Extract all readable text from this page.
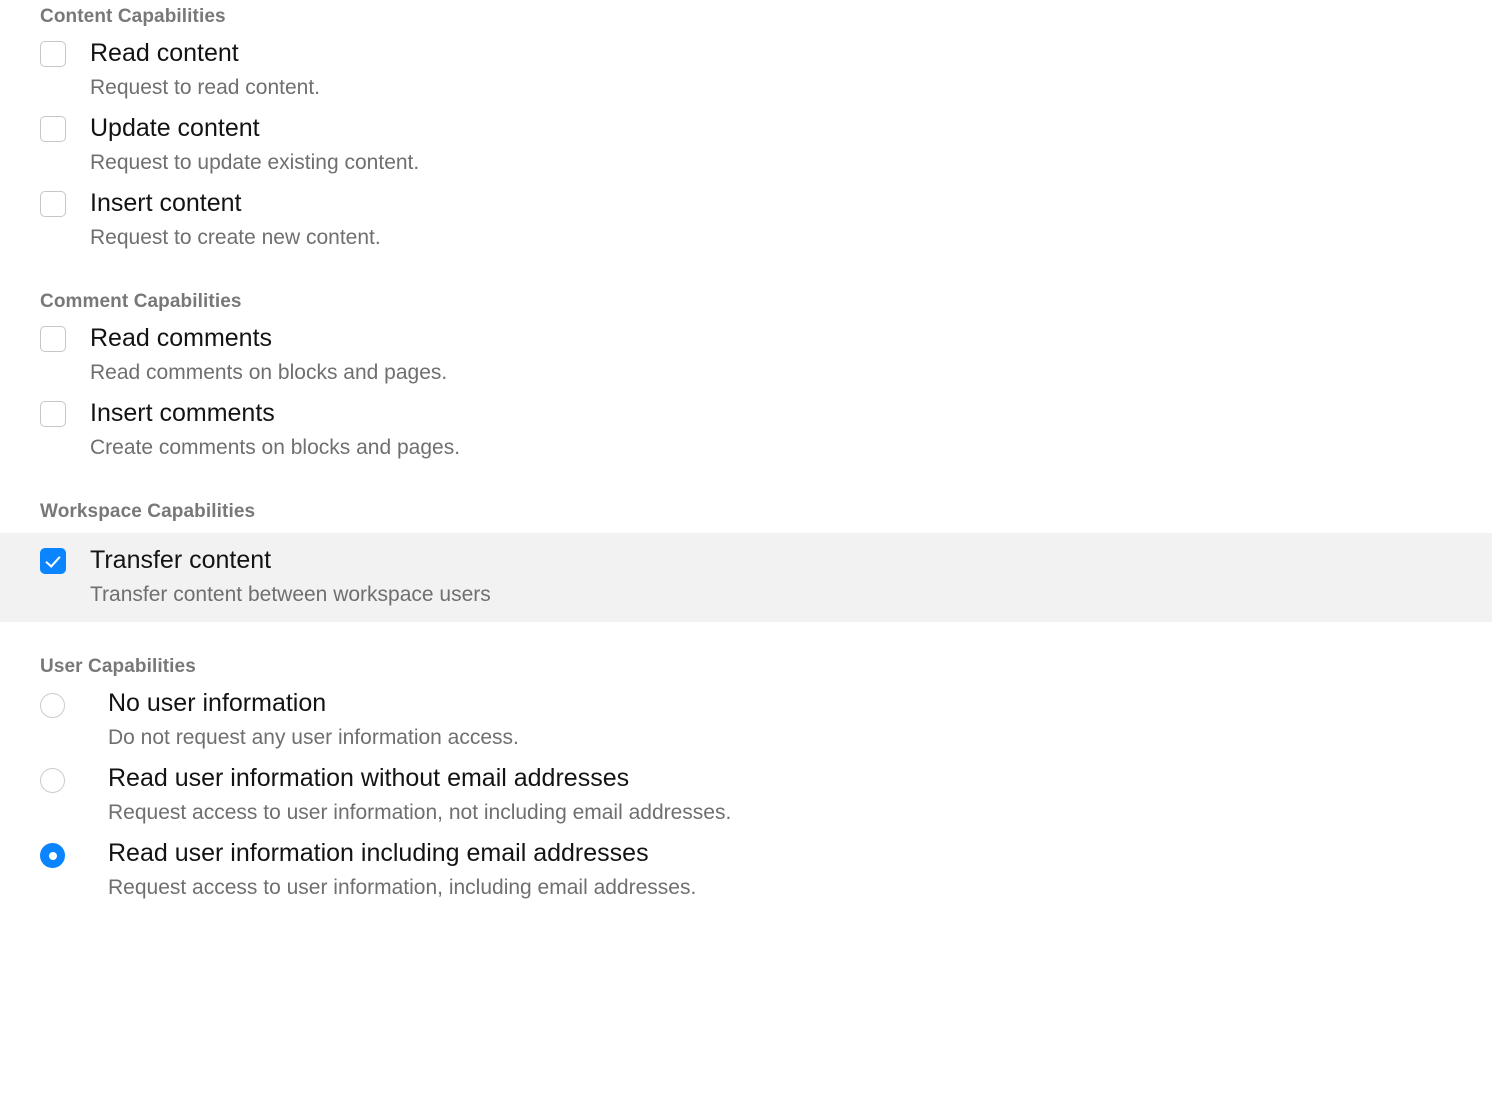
Content Capabilities
Read content
Request to read content.
Update content
Request to update existing content.
Insert content
Request to create new content.
Comment Capabilities
Read comments
Read comments on blocks and pages.
Insert comments
Create comments on blocks and pages.
Workspace Capabilities
Transfer content
Transfer content between workspace users
User Capabilities
No user information
Do not request any user information access.
Read user information without email addresses
Request access to user information, not including email addresses.
Read user information including email addresses
Request access to user information, including email addresses.
